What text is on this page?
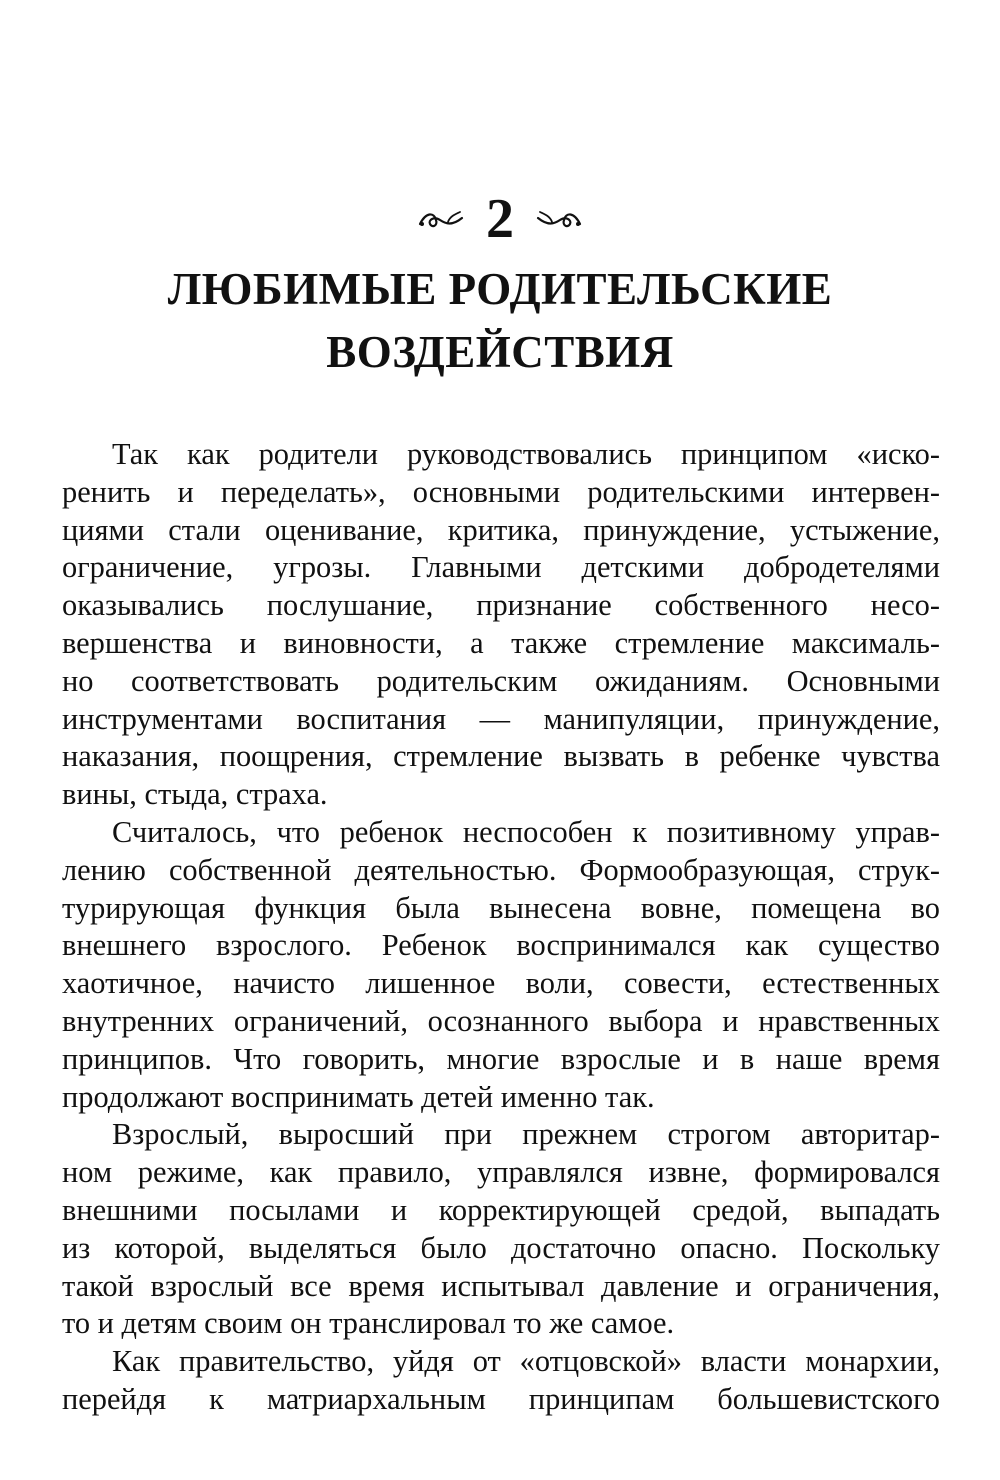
2
ЛЮБИМЫЕ РОДИТЕЛЬСКИЕ
ВОЗДЕЙСТВИЯ

Так как родители руководствовались принципом «иско-
ренить и переделать», основными родительскими интервен-
циями стали оценивание, критика, принуждение, устыжение,
ограничение, угрозы. Главными детскими добродетелями
оказывались послушание, признание собственного несо-
вершенства и виновности, а также стремление максималь-
но соответствовать родительским ожиданиям. Основными
инструментами воспитания — манипуляции, принуждение,
наказания, поощрения, стремление вызвать в ребенке чувства
вины, стыда, страха.

Считалось, что ребенок неспособен к позитивному управ-
лению собственной деятельностью. Формообразующая, струк-
турирующая функция была вынесена вовне, помещена во
внешнего взрослого. Ребенок воспринимался как существо
хаотичное, начисто лишенное воли, совести, естественных
внутренних ограничений, осознанного выбора и нравственных
принципов. Что говорить, многие взрослые и в наше время
продолжают воспринимать детей именно так.

Взрослый, выросший при прежнем строгом авторитар-
ном режиме, как правило, управлялся извне, формировался
внешними посылами и корректирующей средой, выпадать
из которой, выделяться было достаточно опасно. Поскольку
такой взрослый все время испытывал давление и ограничения,
то и детям своим он транслировал то же самое.

Как правительство, уйдя от «отцовской» власти монархии,
перейдя к матриархальным принципам большевистского
